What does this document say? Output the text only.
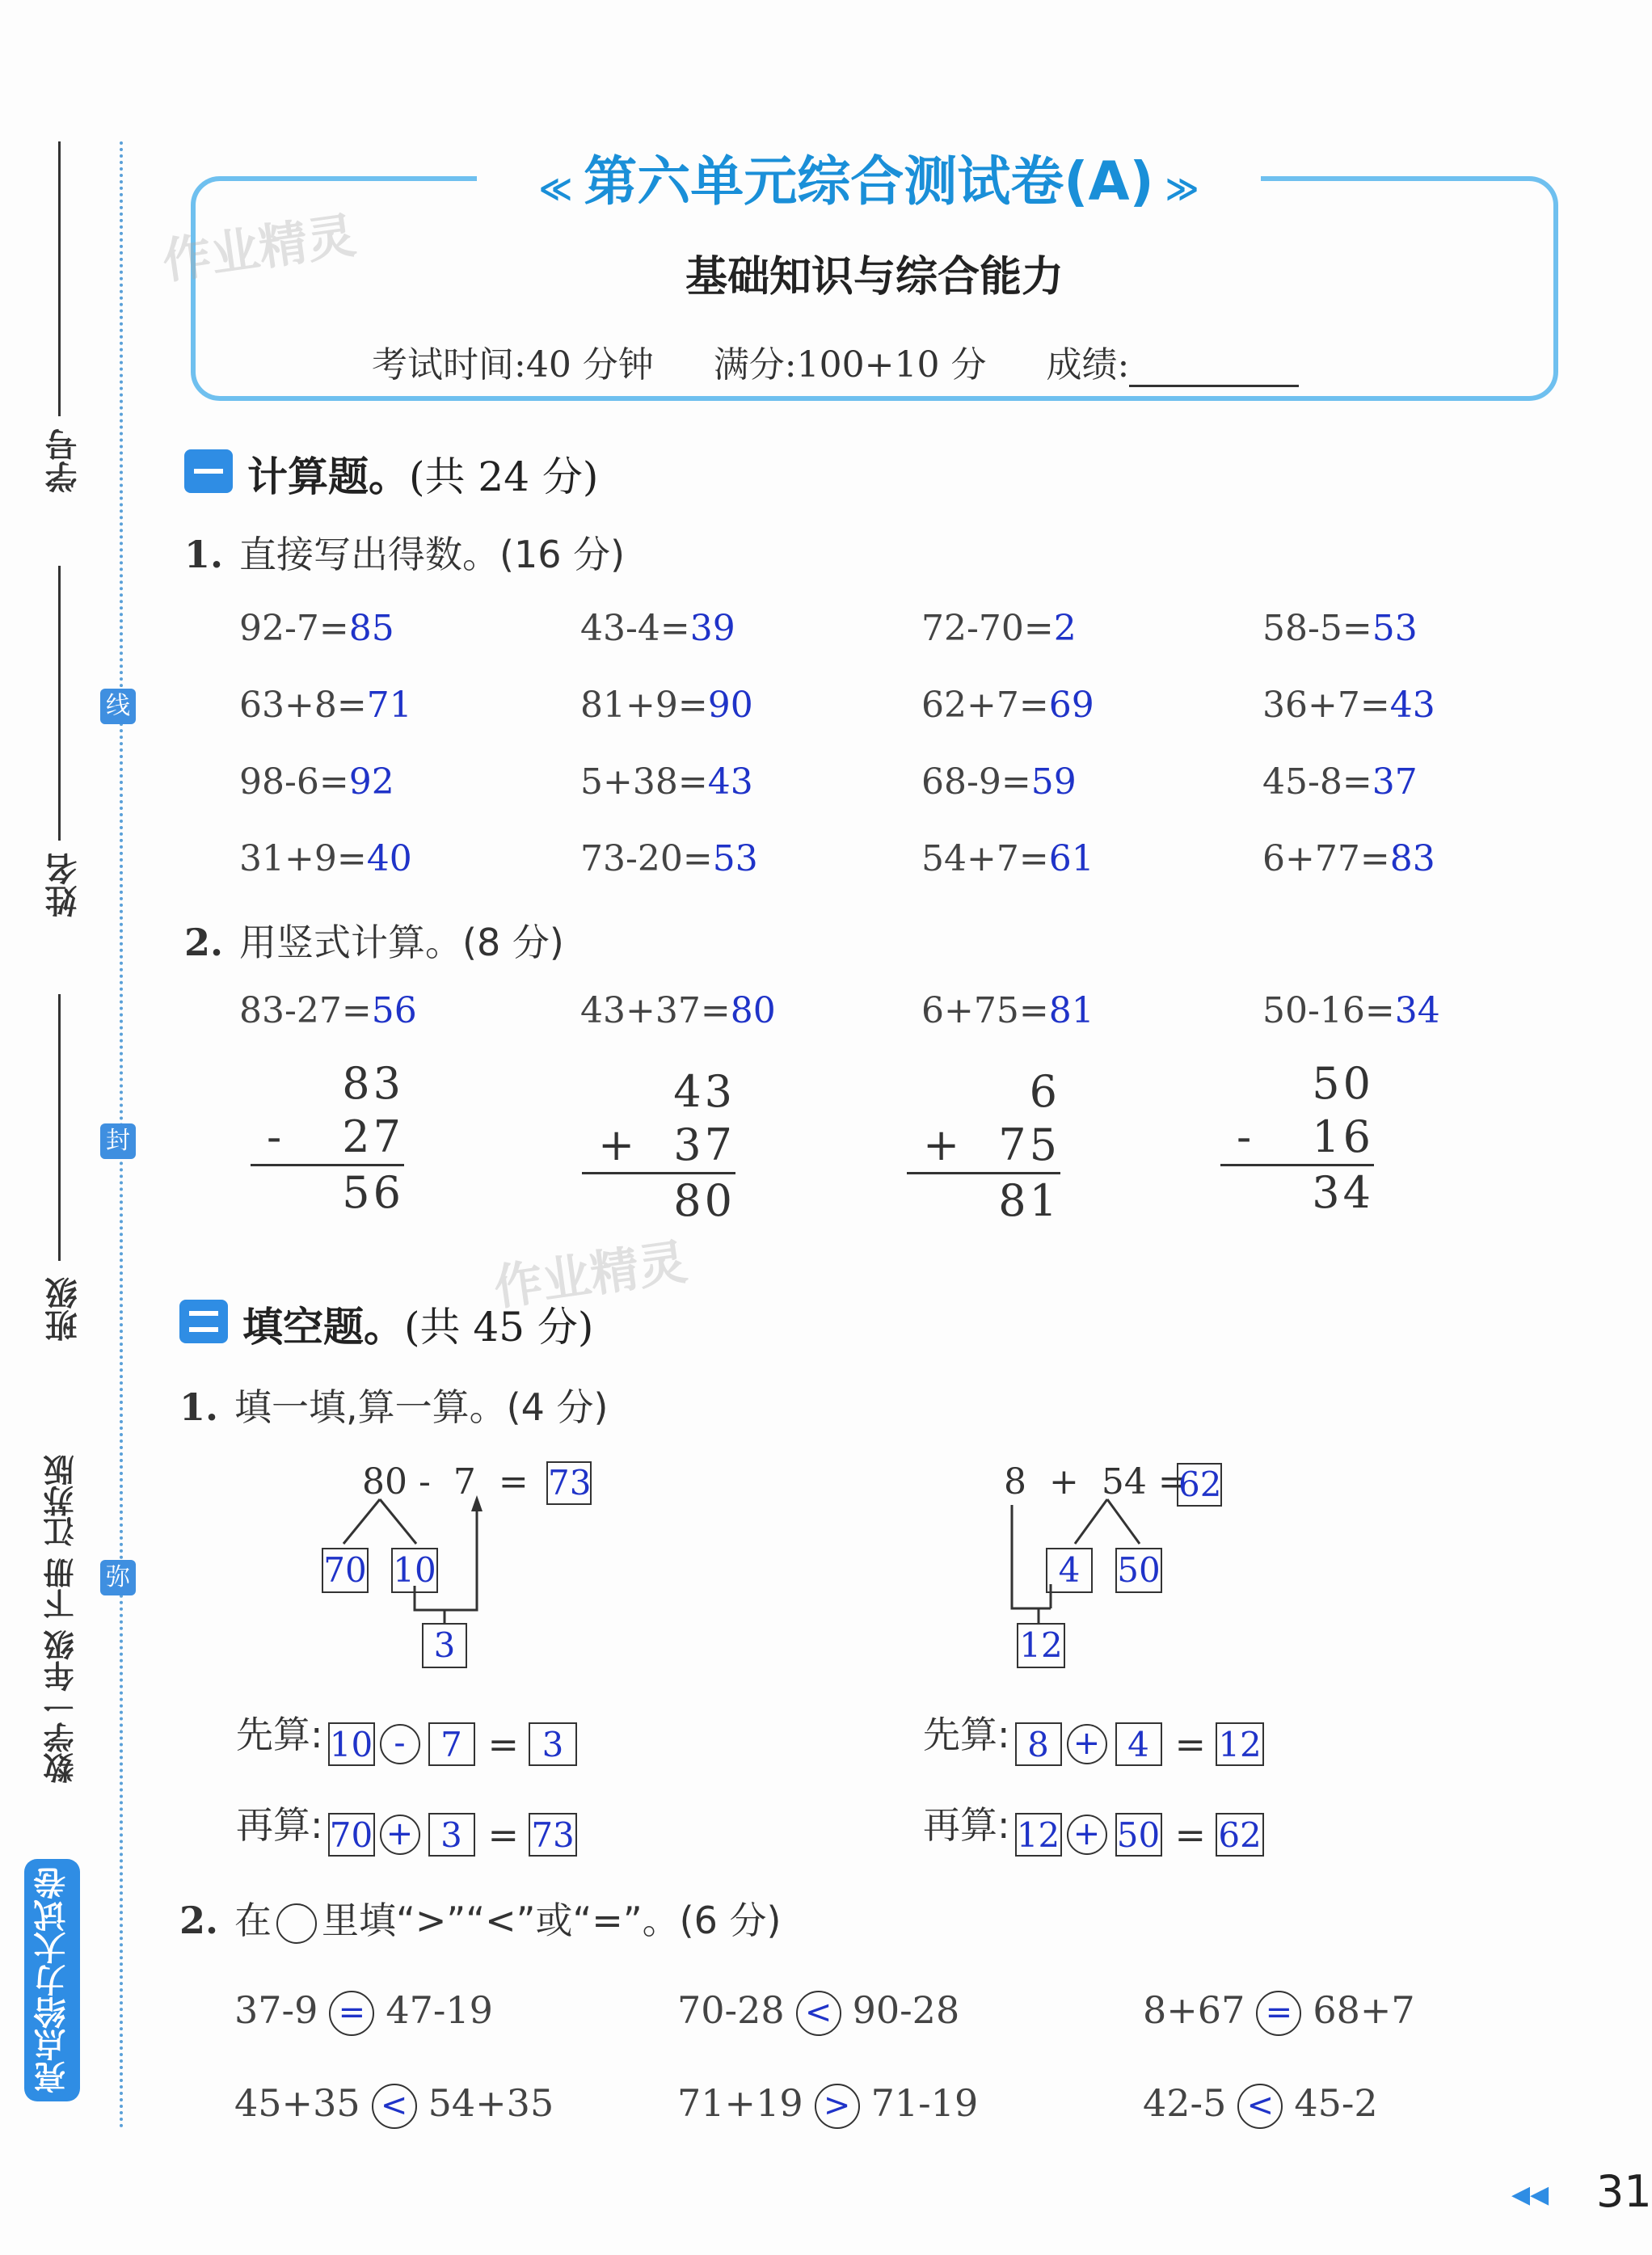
学号
姓名
班级
数学一年级 下册 江苏版
亮点给力大试卷
线
封
弥
≪ 第六单元综合测试卷(A) ≫
基础知识与综合能力
考试时间:40 分钟 满分:100+10 分 成绩:
作业精灵
作业精灵
计算题。(共 24 分)
1. 直接写出得数。(16 分)
92-7=85	43-4=39	72-70=2	58-5=53
63+8=71	81+9=90	62+7=69	36+7=43
98-6=92	5+38=43	68-9=59	45-8=37
31+9=40	73-20=53	54+7=61	6+77=83
2. 用竖式计算。(8 分)
83-27=56
83
- 27
56
43+37=80
43
+ 37
80
6+75=81
6
+ 75
81
50-16=34
50
- 16
34
填空题。(共 45 分)
1. 填一填,算一算。(4 分)
80 - 7 = 73
70 10
3
8 + 54 =
62
4	50
12
先算: 10 - 7 = 3
再算: 70 + 3 = 73
先算: 8 + 4 = 12
再算: 12 + 50 = 62
2. 在 里填“>”“<”或“=”。(6 分)
37-9 = 47-19	70-28 < 90-28	8+67 = 68+7
45+35 < 54+35	71+19 > 71-19	42-5 < 45-2
◀◀ 31
